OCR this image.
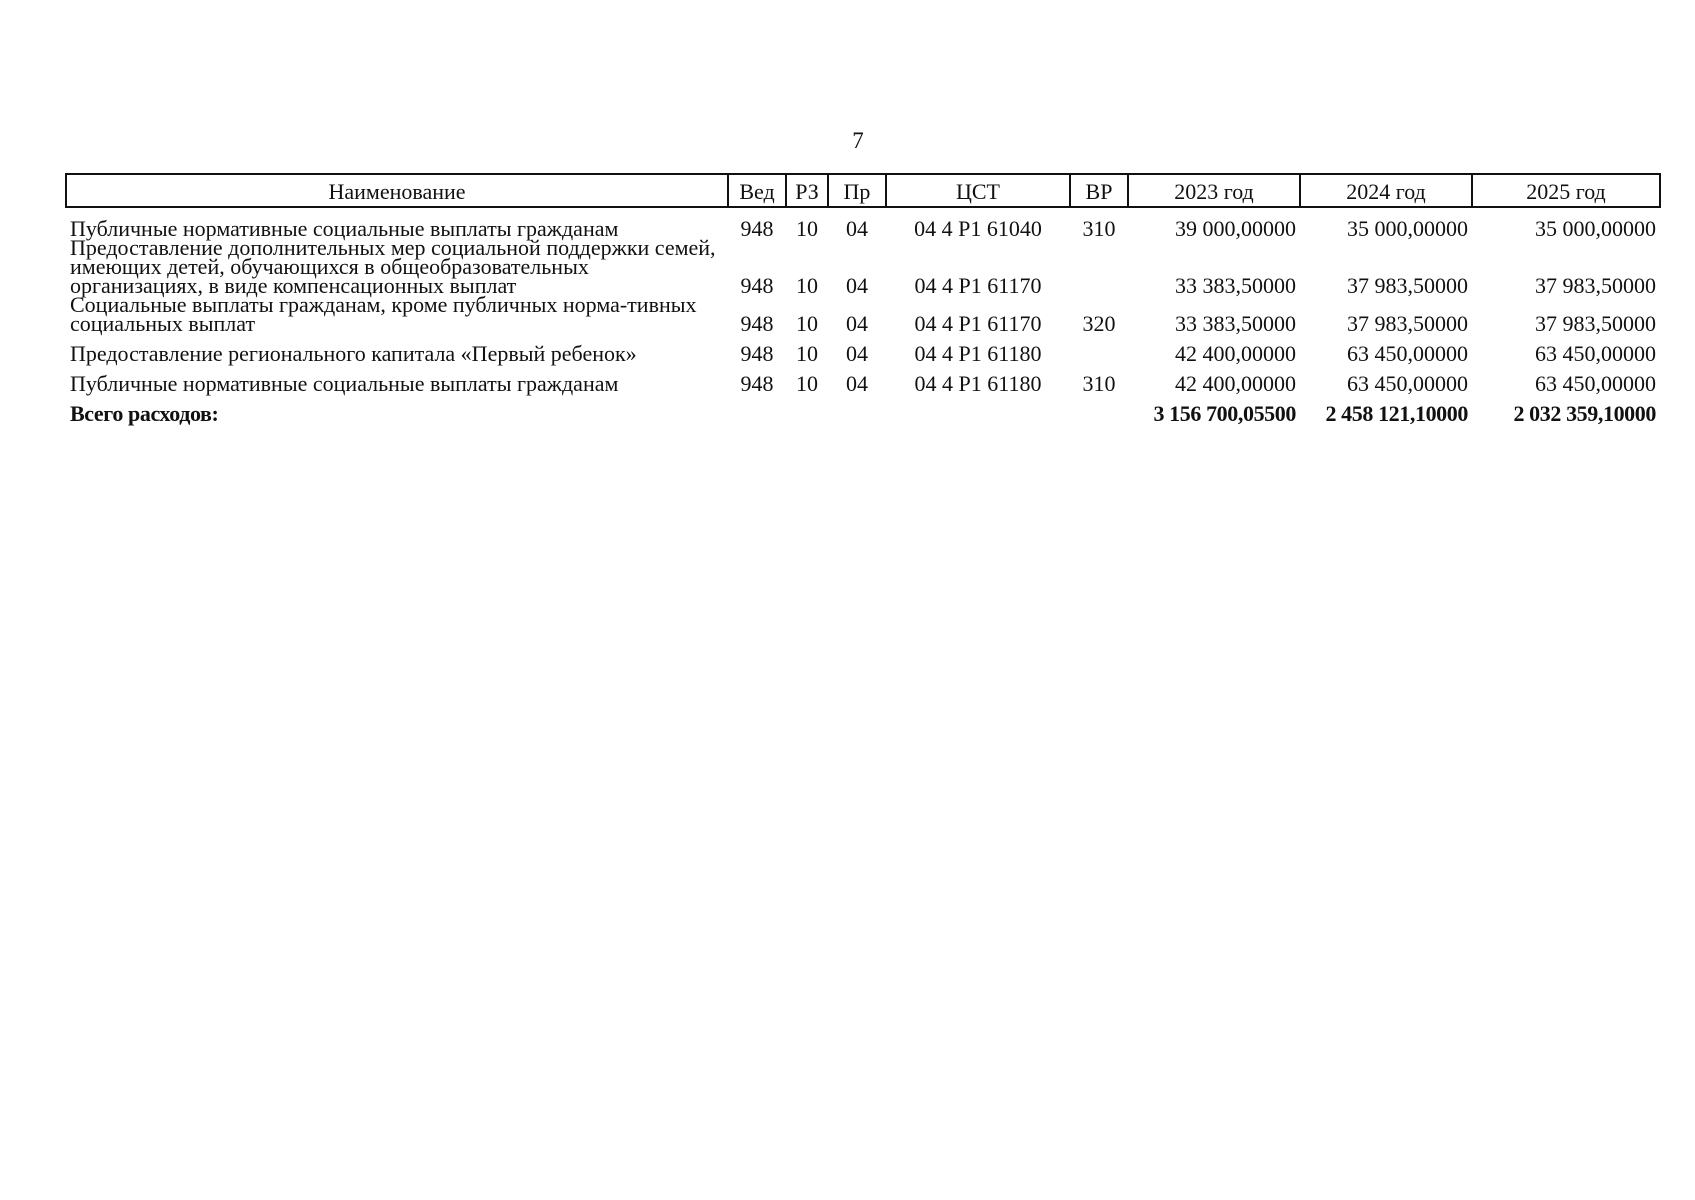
7
Наименование	Вед	РЗ	Пр	ЦСТ	ВР	2023 год	2024 год	2025 год
Публичные нормативные социальные выплаты гражданам	948	10	04	04 4 P1 61040	310	39 000,00000	35 000,00000	35 000,00000
Предоставление дополнительных мер социальной поддержки семей, имеющих детей, обучающихся в общеобразовательных организациях, в виде компенсационных выплат	948	10	04	04 4 P1 61170		33 383,50000	37 983,50000	37 983,50000
Социальные выплаты гражданам, кроме публичных норма-тивных социальных выплат	948	10	04	04 4 P1 61170	320	33 383,50000	37 983,50000	37 983,50000
Предоставление регионального капитала «Первый ребенок»	948	10	04	04 4 P1 61180		42 400,00000	63 450,00000	63 450,00000
Публичные нормативные социальные выплаты гражданам	948	10	04	04 4 P1 61180	310	42 400,00000	63 450,00000	63 450,00000
Всего расходов:						3 156 700,05500	2 458 121,10000	2 032 359,10000
